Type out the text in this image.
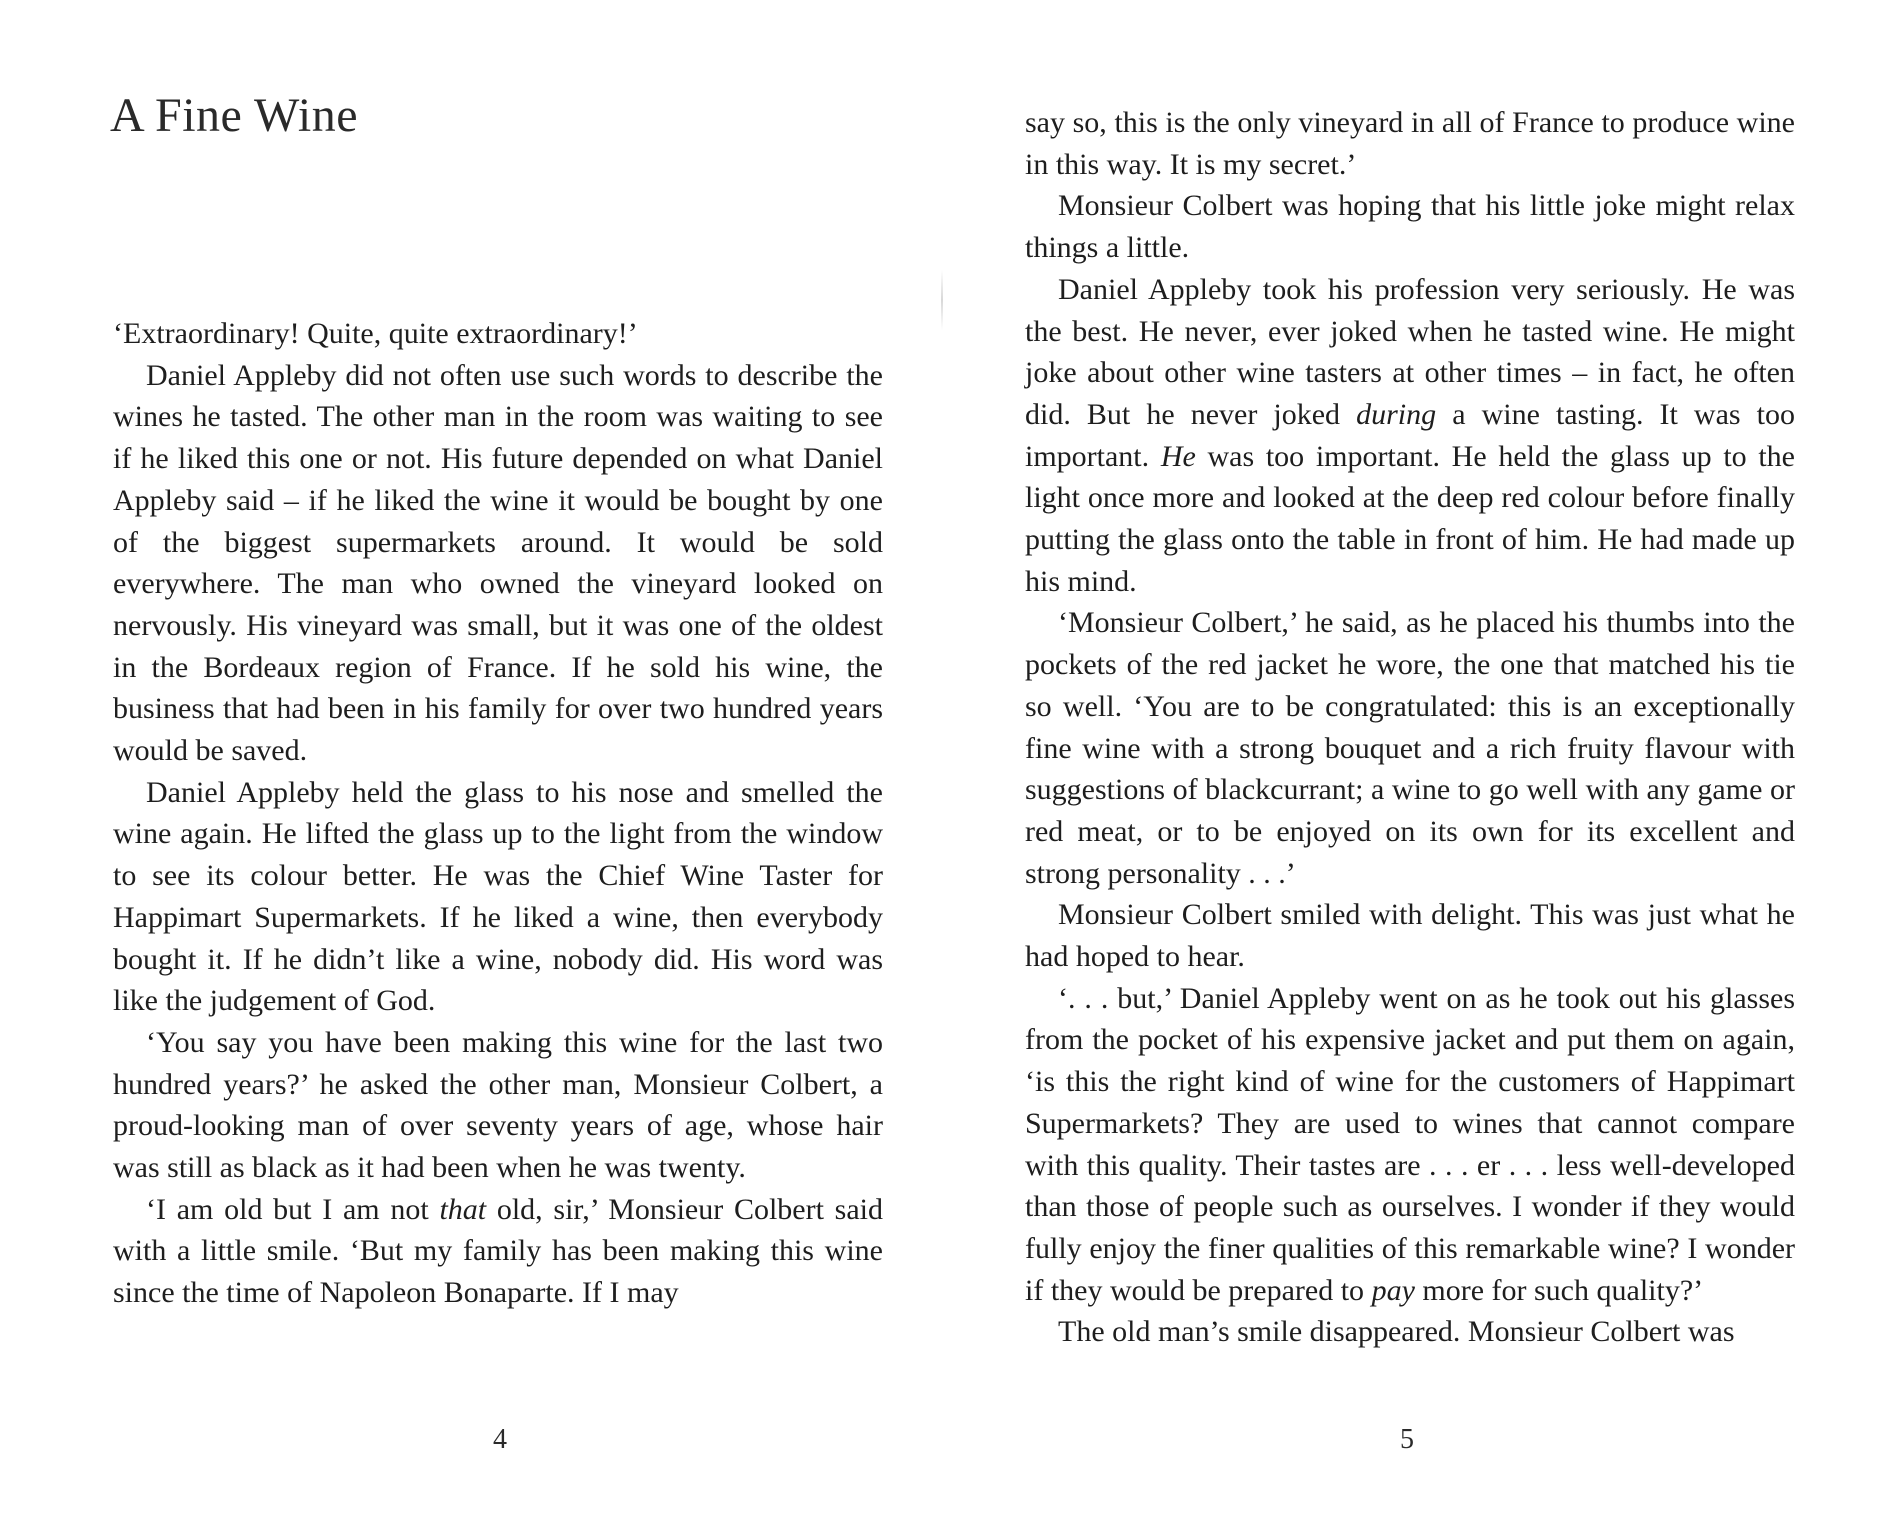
A Fine Wine

‘Extraordinary! Quite, quite extraordinary!’

Daniel Appleby did not often use such words to describe the wines he tasted. The other man in the room was waiting to see if he liked this one or not. His future depended on what Daniel Appleby said – if he liked the wine it would be bought by one of the biggest supermarkets around. It would be sold everywhere. The man who owned the vineyard looked on nervously. His vineyard was small, but it was one of the oldest in the Bordeaux region of France. If he sold his wine, the business that had been in his family for over two hundred years would be saved.

Daniel Appleby held the glass to his nose and smelled the wine again. He lifted the glass up to the light from the window to see its colour better. He was the Chief Wine Taster for Happimart Supermarkets. If he liked a wine, then everybody bought it. If he didn’t like a wine, nobody did. His word was like the judgement of God.

‘You say you have been making this wine for the last two hundred years?’ he asked the other man, Monsieur Colbert, a proud-looking man of over seventy years of age, whose hair was still as black as it had been when he was twenty.

‘I am old but I am not that old, sir,’ Monsieur Colbert said with a little smile. ‘But my family has been making this wine since the time of Napoleon Bonaparte. If I may

4

say so, this is the only vineyard in all of France to produce wine in this way. It is my secret.’

Monsieur Colbert was hoping that his little joke might relax things a little.

Daniel Appleby took his profession very seriously. He was the best. He never, ever joked when he tasted wine. He might joke about other wine tasters at other times – in fact, he often did. But he never joked during a wine tasting. It was too important. He was too important. He held the glass up to the light once more and looked at the deep red colour before finally putting the glass onto the table in front of him. He had made up his mind.

‘Monsieur Colbert,’ he said, as he placed his thumbs into the pockets of the red jacket he wore, the one that matched his tie so well. ‘You are to be congratulated: this is an exceptionally fine wine with a strong bouquet and a rich fruity flavour with suggestions of blackcurrant; a wine to go well with any game or red meat, or to be enjoyed on its own for its excellent and strong personality . . .’

Monsieur Colbert smiled with delight. This was just what he had hoped to hear.

‘. . . but,’ Daniel Appleby went on as he took out his glasses from the pocket of his expensive jacket and put them on again, ‘is this the right kind of wine for the customers of Happimart Supermarkets? They are used to wines that cannot compare with this quality. Their tastes are . . . er . . . less well-developed than those of people such as ourselves. I wonder if they would fully enjoy the finer qualities of this remarkable wine? I wonder if they would be prepared to pay more for such quality?’

The old man’s smile disappeared. Monsieur Colbert was

5
